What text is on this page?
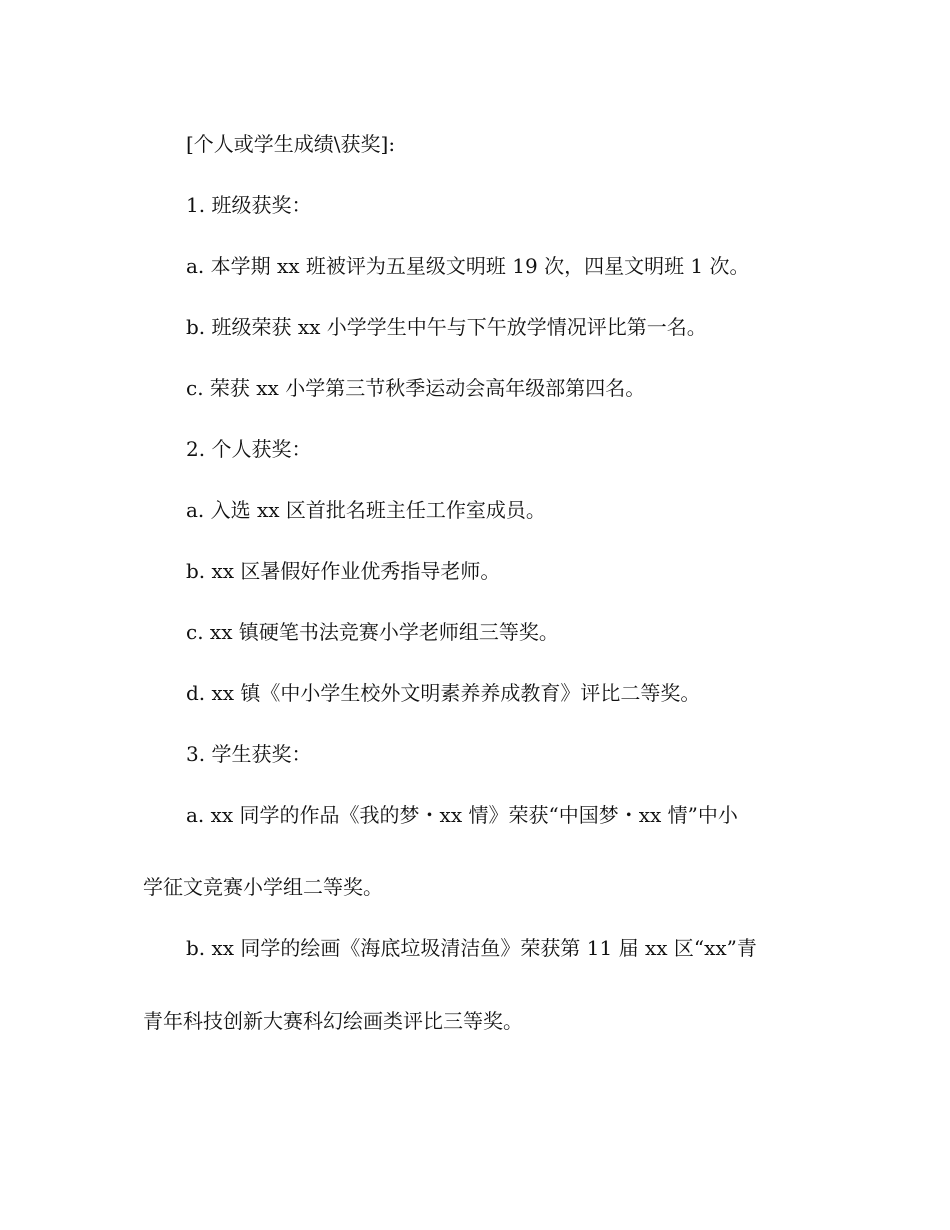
[个人或学生成绩\获奖]:
1. 班级获奖：
a. 本学期 xx 班被评为五星级文明班 19 次，四星文明班 1 次。
b. 班级荣获 xx 小学学生中午与下午放学情况评比第一名。
c. 荣获 xx 小学第三节秋季运动会高年级部第四名。
2. 个人获奖：
a. 入选 xx 区首批名班主任工作室成员。
b. xx 区暑假好作业优秀指导老师。
c. xx 镇硬笔书法竞赛小学老师组三等奖。
d. xx 镇《中小学生校外文明素养养成教育》评比二等奖。
3. 学生获奖：
a. xx 同学的作品《我的梦・xx 情》荣获“中国梦・xx 情”中小
学征文竞赛小学组二等奖。
b. xx 同学的绘画《海底垃圾清洁鱼》荣获第 11 届 xx 区“xx”青
青年科技创新大赛科幻绘画类评比三等奖。
